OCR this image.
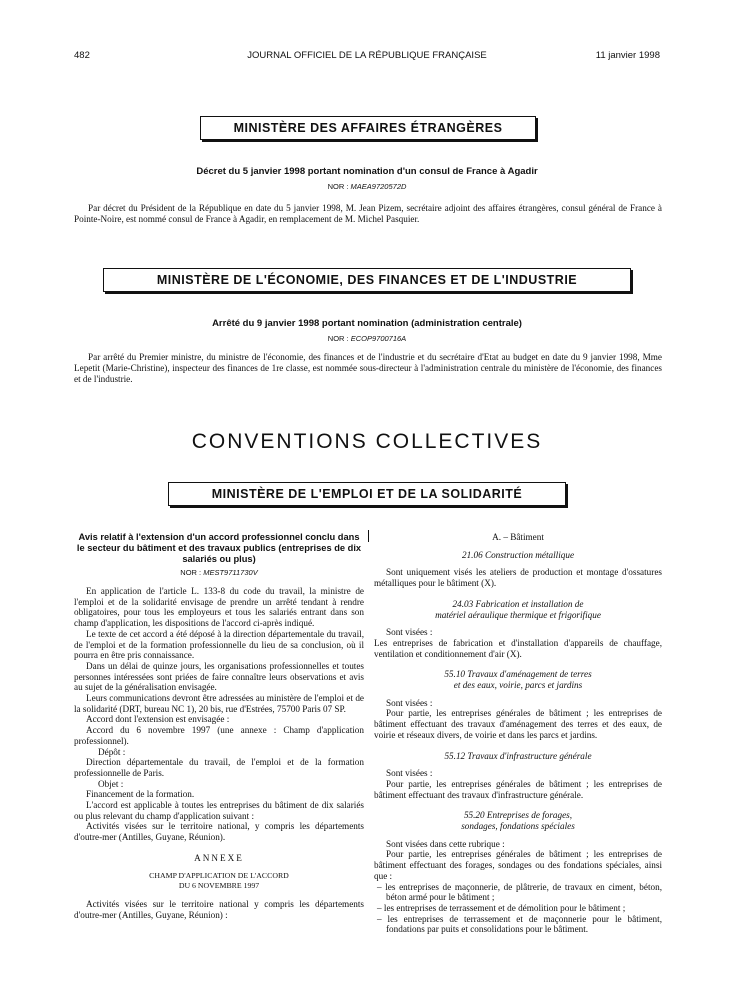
482	JOURNAL OFFICIEL DE LA RÉPUBLIQUE FRANÇAISE	11 janvier 1998
MINISTÈRE DES AFFAIRES ÉTRANGÈRES
Décret du 5 janvier 1998 portant nomination d'un consul de France à Agadir
NOR : MAEA9720572D

Par décret du Président de la République en date du 5 janvier 1998, M. Jean Pizem, secrétaire adjoint des affaires étrangères, consul général de France à Pointe-Noire, est nommé consul de France à Agadir, en remplacement de M. Michel Pasquier.

MINISTÈRE DE L'ÉCONOMIE, DES FINANCES ET DE L'INDUSTRIE
Arrêté du 9 janvier 1998 portant nomination (administration centrale)
NOR : ECOP9700716A

Par arrêté du Premier ministre, du ministre de l'économie, des finances et de l'industrie et du secrétaire d'Etat au budget en date du 9 janvier 1998, Mme Lepetit (Marie-Christine), inspecteur des finances de 1re classe, est nommée sous-directeur à l'administration centrale du ministère de l'économie, des finances et de l'industrie.

CONVENTIONS COLLECTIVES
MINISTÈRE DE L'EMPLOI ET DE LA SOLIDARITÉ
Avis relatif à l'extension d'un accord professionnel conclu dans le secteur du bâtiment et des travaux publics (entreprises de dix salariés ou plus)
NOR : MEST9711730V

En application de l'article L. 133-8 du code du travail, la ministre de l'emploi et de la solidarité envisage de prendre un arrêté tendant à rendre obligatoires, pour tous les employeurs et tous les salariés entrant dans son champ d'application, les dispositions de l'accord ci-après indiqué.

Le texte de cet accord a été déposé à la direction départementale du travail, de l'emploi et de la formation professionnelle du lieu de sa conclusion, où il pourra en être pris connaissance.

Dans un délai de quinze jours, les organisations professionnelles et toutes personnes intéressées sont priées de faire connaître leurs observations et avis au sujet de la généralisation envisagée.

Leurs communications devront être adressées au ministère de l'emploi et de la solidarité (DRT, bureau NC 1), 20 bis, rue d'Estrées, 75700 Paris 07 SP.

Accord dont l'extension est envisagée :

Accord du 6 novembre 1997 (une annexe : Champ d'application professionnel).

Dépôt :

Direction départementale du travail, de l'emploi et de la formation professionnelle de Paris.

Objet :

Financement de la formation.

L'accord est applicable à toutes les entreprises du bâtiment de dix salariés ou plus relevant du champ d'application suivant :

Activités visées sur le territoire national, y compris les départements d'outre-mer (Antilles, Guyane, Réunion).

ANNEXE

CHAMP D'APPLICATION DE L'ACCORD

DU 6 NOVEMBRE 1997

Activités visées sur le territoire national y compris les départements d'outre-mer (Antilles, Guyane, Réunion) :

A. – Bâtiment

21.06 Construction métallique

Sont uniquement visés les ateliers de production et montage d'ossatures métalliques pour le bâtiment (X).

24.03 Fabrication et installation de

matériel aéraulique thermique et frigorifique

Sont visées :

Les entreprises de fabrication et d'installation d'appareils de chauffage, ventilation et conditionnement d'air (X).

55.10 Travaux d'aménagement de terres

et des eaux, voirie, parcs et jardins

Sont visées :

Pour partie, les entreprises générales de bâtiment ; les entreprises de bâtiment effectuant des travaux d'aménagement des terres et des eaux, de voirie et réseaux divers, de voirie et dans les parcs et jardins.

55.12 Travaux d'infrastructure générale

Sont visées :

Pour partie, les entreprises générales de bâtiment ; les entreprises de bâtiment effectuant des travaux d'infrastructure générale.

55.20 Entreprises de forages,

sondages, fondations spéciales

Sont visées dans cette rubrique :

Pour partie, les entreprises générales de bâtiment ; les entreprises de bâtiment effectuant des forages, sondages ou des fondations spéciales, ainsi que :

– les entreprises de maçonnerie, de plâtrerie, de travaux en ciment, béton, béton armé pour le bâtiment ;
– les entreprises de terrassement et de démolition pour le bâtiment ;
– les entreprises de terrassement et de maçonnerie pour le bâtiment, fondations par puits et consolidations pour le bâtiment.
